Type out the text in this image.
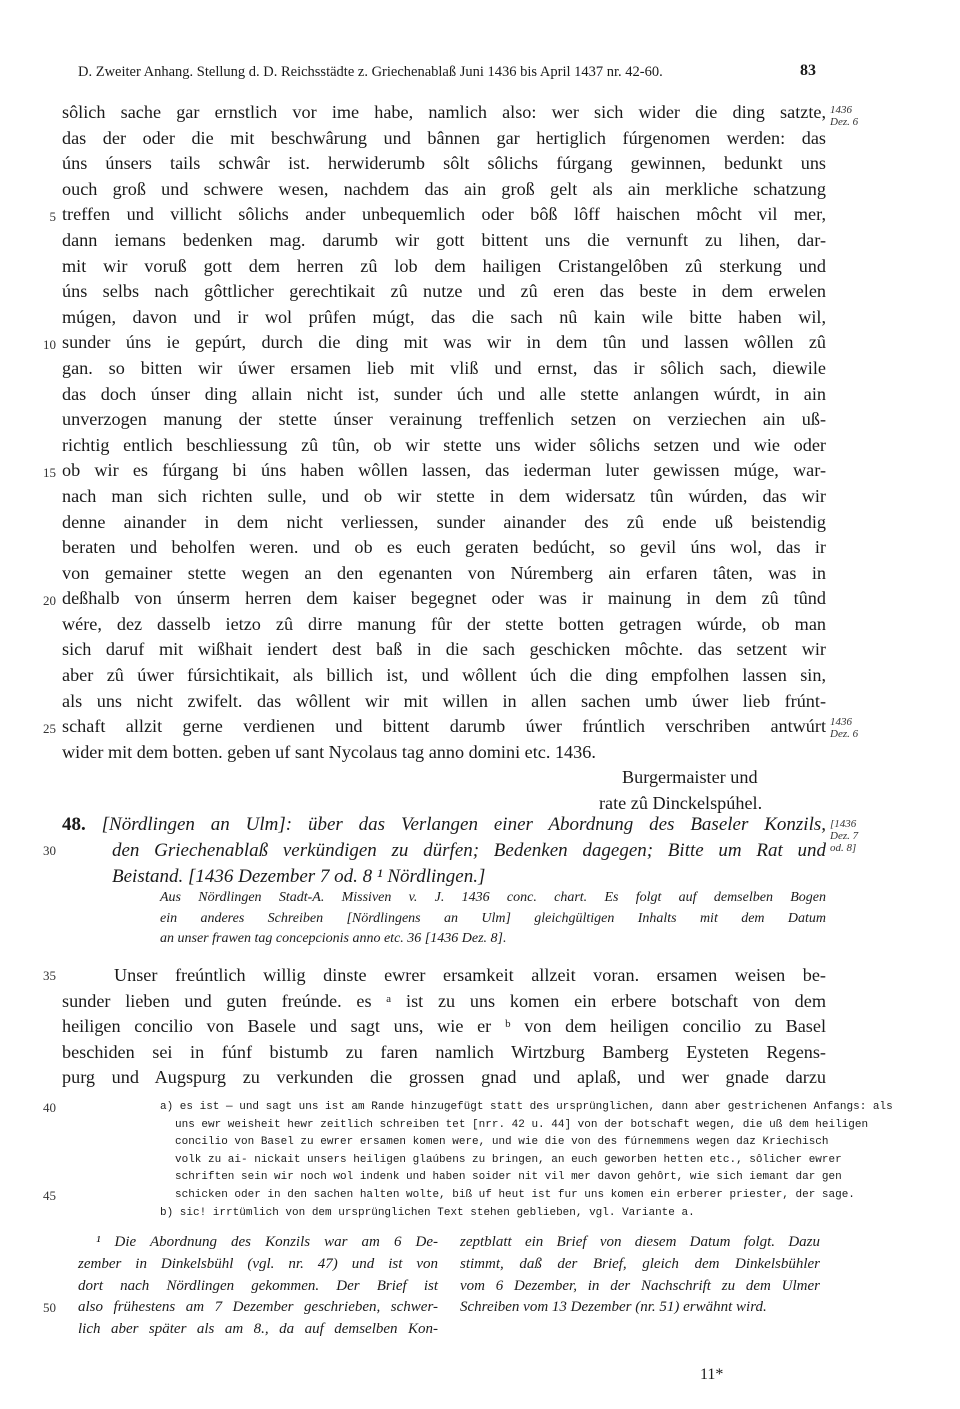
D. Zweiter Anhang. Stellung d. D. Reichsstädte z. Griechenablaß Juni 1436 bis April 1437 nr. 42-60.	83
1436
Dez. 6
1436
Dez. 6
[1436
Dez. 7
od. 8]
sôlich sache gar ernstlich vor ime habe, namlich also: wer sich wider die ding satzte,
das der oder die mit beschwârung und bânnen gar hertiglich fúrgenomen werden: das
úns únsers tails schwâr ist. herwiderumb sôlt sôlichs fúrgang gewinnen, bedunkt uns
ouch groß und schwere wesen, nachdem das ain groß gelt als ain merkliche schatzung
treffen und villicht sôlichs ander unbequemlich oder bôß lôff haischen môcht vil mer,
dann iemans bedenken mag. darumb wir gott bittent uns die vernunft zu lihen, dar-
mit wir voruß gott dem herren zû lob dem hailigen Cristangelôben zû sterkung und
úns selbs nach gôttlicher gerechtikait zû nutze und zû eren das beste in dem erwelen
múgen, davon und ir wol prûfen múgt, das die sach nû kain wile bitte haben wil,
sunder úns ie gepúrt, durch die ding mit was wir in dem tûn und lassen wôllen zû
gan. so bitten wir úwer ersamen lieb mit vliß und ernst, das ir sôlich sach, diewile
das doch únser ding allain nicht ist, sunder úch und alle stette anlangen wúrdt, in ain
unverzogen manung der stette únser verainung treffenlich setzen on verziechen ain uß-
richtig entlich beschliessung zû tûn, ob wir stette uns wider sôlichs setzen und wie oder
ob wir es fúrgang bi úns haben wôllen lassen, das iederman luter gewissen múge, war-
nach man sich richten sulle, und ob wir stette in dem widersatz tûn wúrden, das wir
denne ainander in dem nicht verliessen, sunder ainander des zû ende uß beistendig
beraten und beholfen weren. und ob es euch geraten bedúcht, so gevil úns wol, das ir
von gemainer stette wegen an den egenanten von Núremberg ain erfaren tâten, was in
deßhalb von únserm herren dem kaiser begegnet oder was ir mainung in dem zû tûnd
wére, dez dasselb ietzo zû dirre manung fûr der stette botten getragen wúrde, ob man
sich daruf mit wißhait iendert dest baß in die sach geschicken môchte. das setzent wir
aber zû úwer fúrsichtikait, als billich ist, und wôllent úch die ding empfolhen lassen sin,
als uns nicht zwifelt. das wôllent wir mit willen in allen sachen umb úwer lieb frúnt-
schaft allzit gerne verdienen und bittent darumb úwer frúntlich verschriben antwúrt
wider mit dem botten. geben uf sant Nycolaus tag anno domini etc. 1436.
Burgermaister und
rate zû Dinckelspúhel.
5
10
15
20
25
48. [Nördlingen an Ulm]: über das Verlangen einer Abordnung des Baseler Konzils,
den Griechenablaß verkündigen zu dürfen; Bedenken dagegen; Bitte um Rat und
Beistand. [1436 Dezember 7 od. 8 ¹ Nördlingen.]
30
Aus Nördlingen Stadt-A. Missiven v. J. 1436 conc. chart. Es folgt auf demselben Bogen
ein anderes Schreiben [Nördlingens an Ulm] gleichgültigen Inhalts mit dem Datum
an unser frawen tag concepcionis anno etc. 36 [1436 Dez. 8].
Unser freúntlich willig dinste ewrer ersamkeit allzeit voran. ersamen weisen be-
sunder lieben und guten freúnde. es ᵃ ist zu uns komen ein erbere botschaft von dem
heiligen concilio von Basele und sagt uns, wie er ᵇ von dem heiligen concilio zu Basel
beschiden sei in fúnf bistumb zu faren namlich Wirtzburg Bamberg Eysteten Regens-
purg und Augspurg zu verkunden die grossen gnad und aplaß, und wer gnade darzu
35
a) es ist — und sagt uns ist am Rande hinzugefügt statt des ursprünglichen, dann aber gestrichenen Anfangs: als
uns ewr weisheit hewr zeitlich schreiben tet [nrr. 42 u. 44] von der botschaft wegen, die uß dem heiligen
concilio von Basel zu ewrer ersamen komen were, und wie die von des fúrnemmens wegen daz Kriechisch
volk zu ai- nickait unsers heiligen glaúbens zu bringen, an euch geworben hetten etc., sôlicher ewrer
schriften sein wir noch wol indenk und haben soider nit vil mer davon gehôrt, wie sich iemant dar gen
schicken oder in den sachen halten wolte, biß uf heut ist fur uns komen ein erberer priester, der sage.
b) sic! irrtümlich von dem ursprünglichen Text stehen geblieben, vgl. Variante a.
40
45
¹ Die Abordnung des Konzils war am 6 De-
zember in Dinkelsbühl (vgl. nr. 47) und ist von
dort nach Nördlingen gekommen. Der Brief ist
also frühestens am 7 Dezember geschrieben, schwer-
lich aber später als am 8., da auf demselben Kon-
zeptblatt ein Brief von diesem Datum folgt. Dazu
stimmt, daß der Brief, gleich dem Dinkelsbühler
vom 6 Dezember, in der Nachschrift zu dem Ulmer
Schreiben vom 13 Dezember (nr. 51) erwähnt wird.
50
11*
